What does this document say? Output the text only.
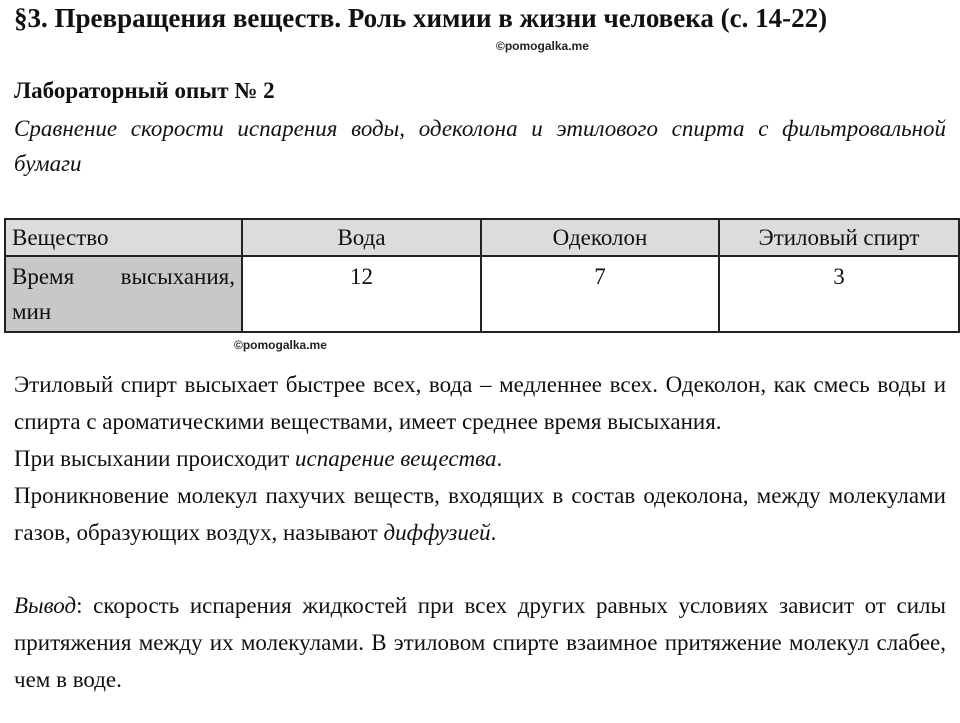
§3. Превращения веществ. Роль химии в жизни человека (с. 14-22)
©pomogalka.me
Лабораторный опыт № 2
Сравнение скорости испарения воды, одеколона и этилового спирта с фильтровальной бумаги
Вещество	Вода	Одеколон	Этиловый спирт
Время высыхания, мин	12	7	3
©pomogalka.me

Этиловый спирт высыхает быстрее всех, вода – медленнее всех. Одеколон, как смесь воды и спирта с ароматическими веществами, имеет среднее время высыхания.

При высыхании происходит испарение вещества.

Проникновение молекул пахучих веществ, входящих в состав одеколона, между молекулами газов, образующих воздух, называют диффузией.

Вывод: скорость испарения жидкостей при всех других равных условиях зависит от силы притяжения между их молекулами. В этиловом спирте взаимное притяжение молекул слабее, чем в воде.
